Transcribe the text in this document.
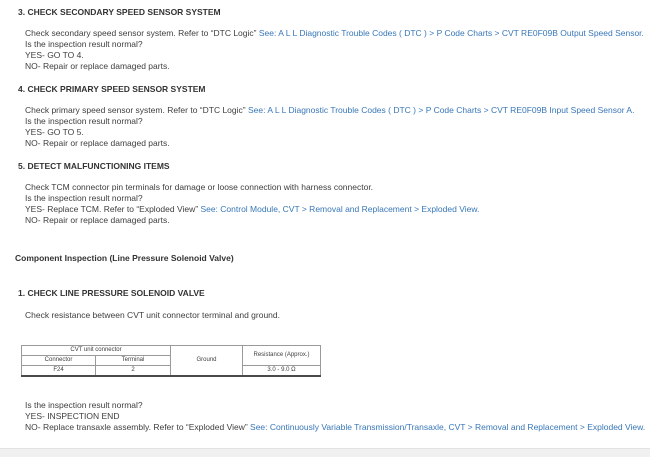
3. CHECK SECONDARY SPEED SENSOR SYSTEM
Check secondary speed sensor system. Refer to “DTC Logic” See: A L L Diagnostic Trouble Codes ( DTC ) > P Code Charts > CVT RE0F09B Output Speed Sensor.
Is the inspection result normal?
YES- GO TO 4.
NO- Repair or replace damaged parts.
4. CHECK PRIMARY SPEED SENSOR SYSTEM
Check primary speed sensor system. Refer to “DTC Logic” See: A L L Diagnostic Trouble Codes ( DTC ) > P Code Charts > CVT RE0F09B Input Speed Sensor A.
Is the inspection result normal?
YES- GO TO 5.
NO- Repair or replace damaged parts.
5. DETECT MALFUNCTIONING ITEMS
Check TCM connector pin terminals for damage or loose connection with harness connector.
Is the inspection result normal?
YES- Replace TCM. Refer to “Exploded View” See: Control Module, CVT > Removal and Replacement > Exploded View.
NO- Repair or replace damaged parts.
Component Inspection (Line Pressure Solenoid Valve)
1. CHECK LINE PRESSURE SOLENOID VALVE
Check resistance between CVT unit connector terminal and ground.
CVT unit connector		Ground	Resistance (Approx.)
Connector	Terminal		
F24	2		3.0 - 9.0 Ω
Is the inspection result normal?
YES- INSPECTION END
NO- Replace transaxle assembly. Refer to “Exploded View” See: Continuously Variable Transmission/Transaxle, CVT > Removal and Replacement > Exploded View.
